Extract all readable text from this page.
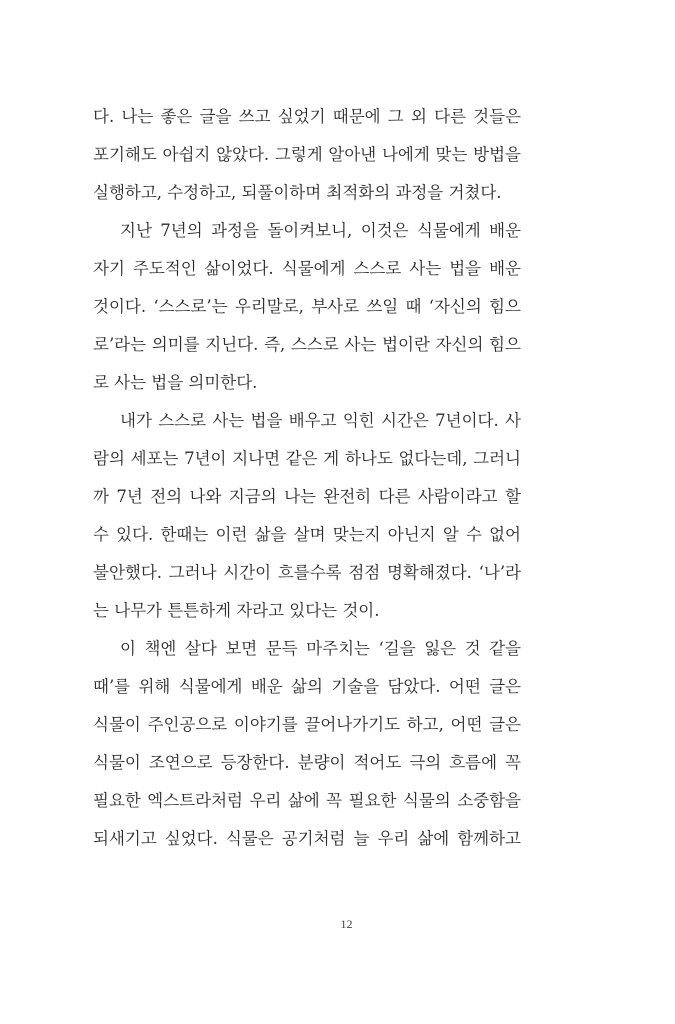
다. 나는 좋은 글을 쓰고 싶었기 때문에 그 외 다른 것들은
포기해도 아쉽지 않았다. 그렇게 알아낸 나에게 맞는 방법을
실행하고, 수정하고, 되풀이하며 최적화의 과정을 거쳤다.
지난 7년의 과정을 돌이켜보니, 이것은 식물에게 배운
자기 주도적인 삶이었다. 식물에게 스스로 사는 법을 배운
것이다. ‘스스로’는 우리말로, 부사로 쓰일 때 ‘자신의 힘으
로’라는 의미를 지닌다. 즉, 스스로 사는 법이란 자신의 힘으
로 사는 법을 의미한다.
내가 스스로 사는 법을 배우고 익힌 시간은 7년이다. 사
람의 세포는 7년이 지나면 같은 게 하나도 없다는데, 그러니
까 7년 전의 나와 지금의 나는 완전히 다른 사람이라고 할
수 있다. 한때는 이런 삶을 살며 맞는지 아닌지 알 수 없어
불안했다. 그러나 시간이 흐를수록 점점 명확해졌다. ‘나’라
는 나무가 튼튼하게 자라고 있다는 것이.
이 책엔 살다 보면 문득 마주치는 ‘길을 잃은 것 같을
때’를 위해 식물에게 배운 삶의 기술을 담았다. 어떤 글은
식물이 주인공으로 이야기를 끌어나가기도 하고, 어떤 글은
식물이 조연으로 등장한다. 분량이 적어도 극의 흐름에 꼭
필요한 엑스트라처럼 우리 삶에 꼭 필요한 식물의 소중함을
되새기고 싶었다. 식물은 공기처럼 늘 우리 삶에 함께하고
12
